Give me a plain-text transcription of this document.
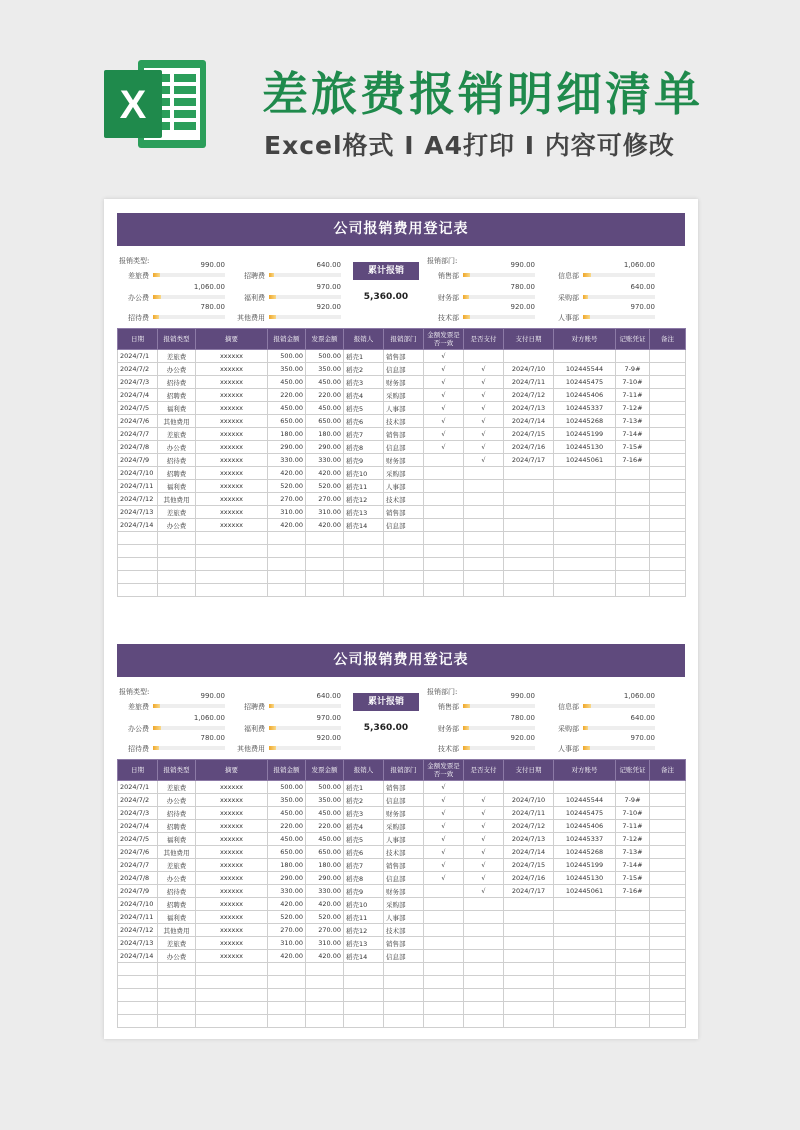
X	差旅费报销明细清单
Excel格式 I A4打印 I 内容可修改
公司报销费用登记表
报销类型:	报销部门:
990.00
差旅费
640.00
招聘费
1,060.00
办公费
970.00
福利费
780.00
招待费
920.00
其他费用
990.00
销售部
1,060.00
信息部
780.00
财务部
640.00
采购部
920.00
技术部
970.00
人事部
累计报销
5,360.00
日期	报销类型	摘要	报销金额	发票金额	报销人	报销部门	金额发票是否一致	是否支付	支付日期	对方账号	记账凭证	备注
2024/7/1	差旅费	xxxxxx	500.00	500.00	稻壳1	销售部	√					
2024/7/2	办公费	xxxxxx	350.00	350.00	稻壳2	信息部	√	√	2024/7/10	102445544	7-9#	
2024/7/3	招待费	xxxxxx	450.00	450.00	稻壳3	财务部	√	√	2024/7/11	102445475	7-10#	
2024/7/4	招聘费	xxxxxx	220.00	220.00	稻壳4	采购部	√	√	2024/7/12	102445406	7-11#	
2024/7/5	福利费	xxxxxx	450.00	450.00	稻壳5	人事部	√	√	2024/7/13	102445337	7-12#	
2024/7/6	其他费用	xxxxxx	650.00	650.00	稻壳6	技术部	√	√	2024/7/14	102445268	7-13#	
2024/7/7	差旅费	xxxxxx	180.00	180.00	稻壳7	销售部	√	√	2024/7/15	102445199	7-14#	
2024/7/8	办公费	xxxxxx	290.00	290.00	稻壳8	信息部	√	√	2024/7/16	102445130	7-15#	
2024/7/9	招待费	xxxxxx	330.00	330.00	稻壳9	财务部		√	2024/7/17	102445061	7-16#	
2024/7/10	招聘费	xxxxxx	420.00	420.00	稻壳10	采购部						
2024/7/11	福利费	xxxxxx	520.00	520.00	稻壳11	人事部						
2024/7/12	其他费用	xxxxxx	270.00	270.00	稻壳12	技术部						
2024/7/13	差旅费	xxxxxx	310.00	310.00	稻壳13	销售部						
2024/7/14	办公费	xxxxxx	420.00	420.00	稻壳14	信息部						

公司报销费用登记表
报销类型:	报销部门:
990.00
差旅费
640.00
招聘费
1,060.00
办公费
970.00
福利费
780.00
招待费
920.00
其他费用
990.00
销售部
1,060.00
信息部
780.00
财务部
640.00
采购部
920.00
技术部
970.00
人事部
累计报销
5,360.00
日期	报销类型	摘要	报销金额	发票金额	报销人	报销部门	金额发票是否一致	是否支付	支付日期	对方账号	记账凭证	备注
2024/7/1	差旅费	xxxxxx	500.00	500.00	稻壳1	销售部	√					
2024/7/2	办公费	xxxxxx	350.00	350.00	稻壳2	信息部	√	√	2024/7/10	102445544	7-9#	
2024/7/3	招待费	xxxxxx	450.00	450.00	稻壳3	财务部	√	√	2024/7/11	102445475	7-10#	
2024/7/4	招聘费	xxxxxx	220.00	220.00	稻壳4	采购部	√	√	2024/7/12	102445406	7-11#	
2024/7/5	福利费	xxxxxx	450.00	450.00	稻壳5	人事部	√	√	2024/7/13	102445337	7-12#	
2024/7/6	其他费用	xxxxxx	650.00	650.00	稻壳6	技术部	√	√	2024/7/14	102445268	7-13#	
2024/7/7	差旅费	xxxxxx	180.00	180.00	稻壳7	销售部	√	√	2024/7/15	102445199	7-14#	
2024/7/8	办公费	xxxxxx	290.00	290.00	稻壳8	信息部	√	√	2024/7/16	102445130	7-15#	
2024/7/9	招待费	xxxxxx	330.00	330.00	稻壳9	财务部		√	2024/7/17	102445061	7-16#	
2024/7/10	招聘费	xxxxxx	420.00	420.00	稻壳10	采购部						
2024/7/11	福利费	xxxxxx	520.00	520.00	稻壳11	人事部						
2024/7/12	其他费用	xxxxxx	270.00	270.00	稻壳12	技术部						
2024/7/13	差旅费	xxxxxx	310.00	310.00	稻壳13	销售部						
2024/7/14	办公费	xxxxxx	420.00	420.00	稻壳14	信息部						
